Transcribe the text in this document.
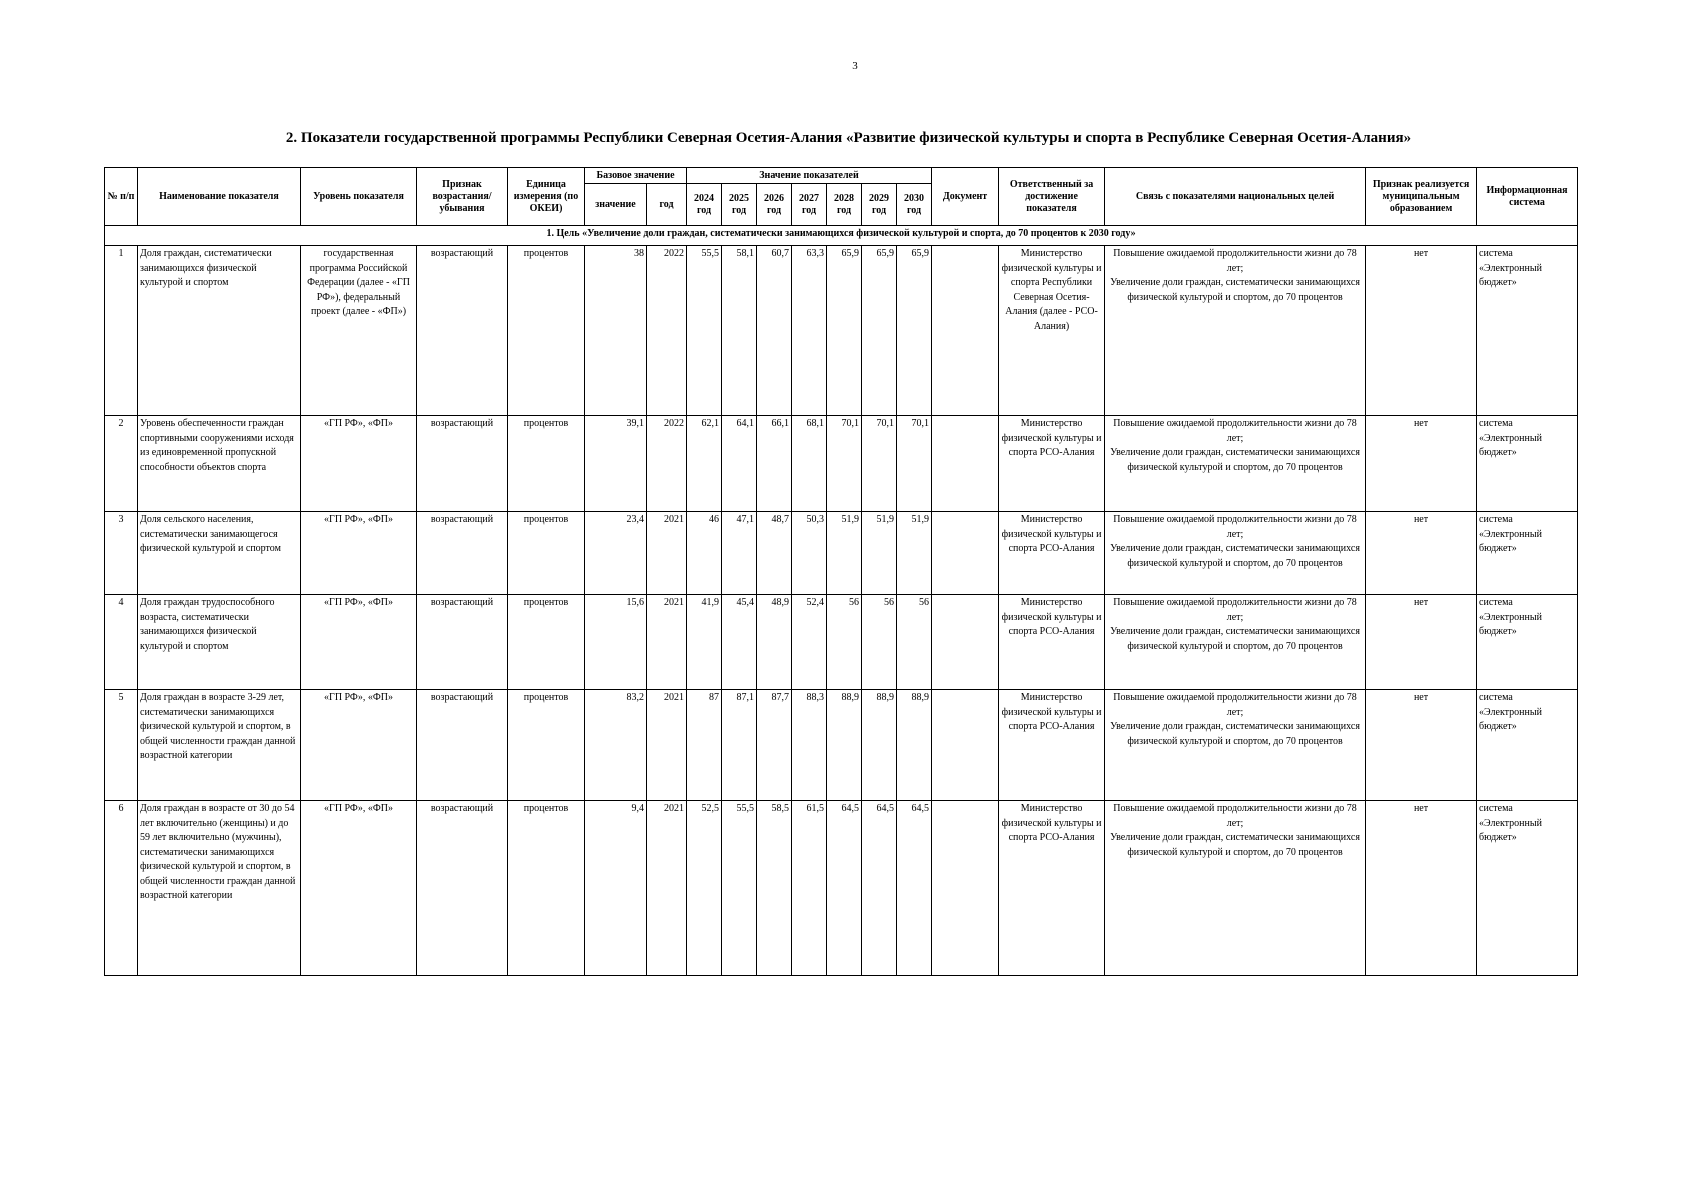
3
2. Показатели государственной программы Республики Северная Осетия-Алания «Развитие физической культуры и спорта в Республике Северная Осетия-Алания»
№ п/п	Наименование показателя	Уровень показателя	Признак возрастания/ убывания	Единица измерения (по ОКЕИ)	Базовое значение		Значение показателей							Документ	Ответственный за достижение показателя	Связь с показателями национальных целей	Признак реализуется муниципальным образованием	Информационная система
					значение	год	2024 год	2025 год	2026 год	2027 год	2028 год	2029 год	2030 год					
1. Цель «Увеличение доли граждан, систематически занимающихся физической культурой и спорта, до 70 процентов к 2030 году»																		
1	Доля граждан, систематически занимающихся физической культурой и спортом	государственная программа Российской Федерации (далее - «ГП РФ»), федеральный проект (далее - «ФП»)	возрастающий	процентов	38	2022	55,5	58,1	60,7	63,3	65,9	65,9	65,9		Министерство физической культуры и спорта Республики Северная Осетия-Алания (далее - РСО-Алания)	Повышение ожидаемой продолжительности жизни до 78 лет;
Увеличение доли граждан, систематически занимающихся физической культурой и спортом, до 70 процентов	нет	система «Электронный бюджет»
2	Уровень обеспеченности граждан спортивными сооружениями исходя из единовременной пропускной способности объектов спорта	«ГП РФ», «ФП»	возрастающий	процентов	39,1	2022	62,1	64,1	66,1	68,1	70,1	70,1	70,1		Министерство физической культуры и спорта РСО-Алания	Повышение ожидаемой продолжительности жизни до 78 лет;
Увеличение доли граждан, систематически занимающихся физической культурой и спортом, до 70 процентов	нет	система «Электронный бюджет»
3	Доля сельского населения, систематически занимающегося физической культурой и спортом	«ГП РФ», «ФП»	возрастающий	процентов	23,4	2021	46	47,1	48,7	50,3	51,9	51,9	51,9		Министерство физической культуры и спорта РСО-Алания	Повышение ожидаемой продолжительности жизни до 78 лет;
Увеличение доли граждан, систематически занимающихся физической культурой и спортом, до 70 процентов	нет	система «Электронный бюджет»
4	Доля граждан трудоспособного возраста, систематически занимающихся физической культурой и спортом	«ГП РФ», «ФП»	возрастающий	процентов	15,6	2021	41,9	45,4	48,9	52,4	56	56	56		Министерство физической культуры и спорта РСО-Алания	Повышение ожидаемой продолжительности жизни до 78 лет;
Увеличение доли граждан, систематически занимающихся физической культурой и спортом, до 70 процентов	нет	система «Электронный бюджет»
5	Доля граждан в возрасте 3-29 лет, систематически занимающихся физической культурой и спортом, в общей численности граждан данной возрастной категории	«ГП РФ», «ФП»	возрастающий	процентов	83,2	2021	87	87,1	87,7	88,3	88,9	88,9	88,9		Министерство физической культуры и спорта РСО-Алания	Повышение ожидаемой продолжительности жизни до 78 лет;
Увеличение доли граждан, систематически занимающихся физической культурой и спортом, до 70 процентов	нет	система «Электронный бюджет»
6	Доля граждан в возрасте от 30 до 54 лет включительно (женщины) и до 59 лет включительно (мужчины), систематически занимающихся физической культурой и спортом, в общей численности граждан данной возрастной категории	«ГП РФ», «ФП»	возрастающий	процентов	9,4	2021	52,5	55,5	58,5	61,5	64,5	64,5	64,5		Министерство физической культуры и спорта РСО-Алания	Повышение ожидаемой продолжительности жизни до 78 лет;
Увеличение доли граждан, систематически занимающихся физической культурой и спортом, до 70 процентов	нет	система «Электронный бюджет»
